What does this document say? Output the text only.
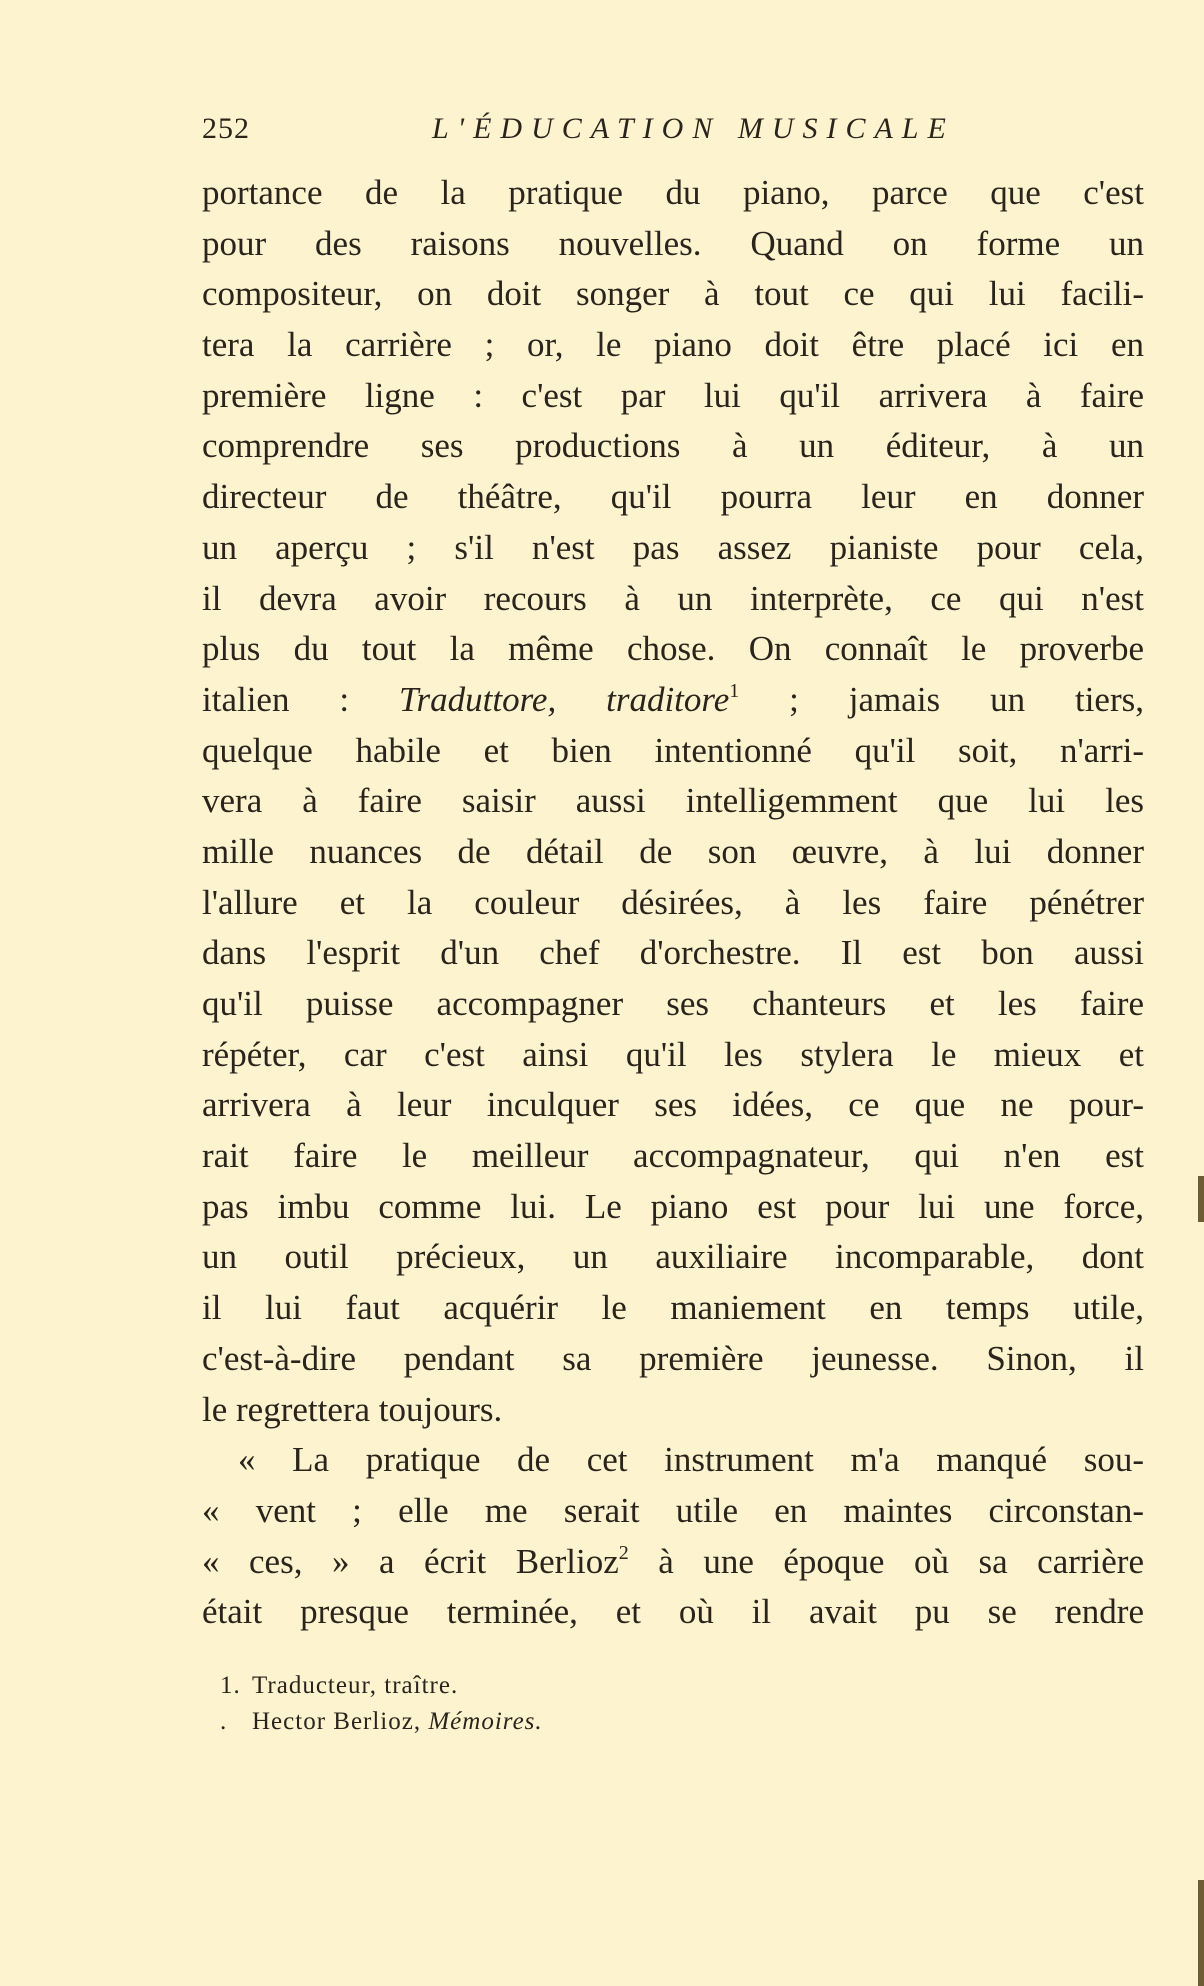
252	L'ÉDUCATION MUSICALE
portance de la pratique du piano, parce que c'est
pour des raisons nouvelles. Quand on forme un
compositeur, on doit songer à tout ce qui lui facili-
tera la carrière ; or, le piano doit être placé ici en
première ligne : c'est par lui qu'il arrivera à faire
comprendre ses productions à un éditeur, à un
directeur de théâtre, qu'il pourra leur en donner
un aperçu ; s'il n'est pas assez pianiste pour cela,
il devra avoir recours à un interprète, ce qui n'est
plus du tout la même chose. On connaît le proverbe
italien : Traduttore, traditore$^1$ ; jamais un tiers,
quelque habile et bien intentionné qu'il soit, n'arri-
vera à faire saisir aussi intelligemment que lui les
mille nuances de détail de son œuvre, à lui donner
l'allure et la couleur désirées, à les faire pénétrer
dans l'esprit d'un chef d'orchestre. Il est bon aussi
qu'il puisse accompagner ses chanteurs et les faire
répéter, car c'est ainsi qu'il les stylera le mieux et
arrivera à leur inculquer ses idées, ce que ne pour-
rait faire le meilleur accompagnateur, qui n'en est
pas imbu comme lui. Le piano est pour lui une force,
un outil précieux, un auxiliaire incomparable, dont
il lui faut acquérir le maniement en temps utile,
c'est-à-dire pendant sa première jeunesse. Sinon, il
le regrettera toujours.
« La pratique de cet instrument m'a manqué sou-
« vent ; elle me serait utile en maintes circonstan-
« ces, » a écrit Berlioz$^2$ à une époque où sa carrière
était presque terminée, et où il avait pu se rendre
1. Traducteur, traître.
. Hector Berlioz, Mémoires.
